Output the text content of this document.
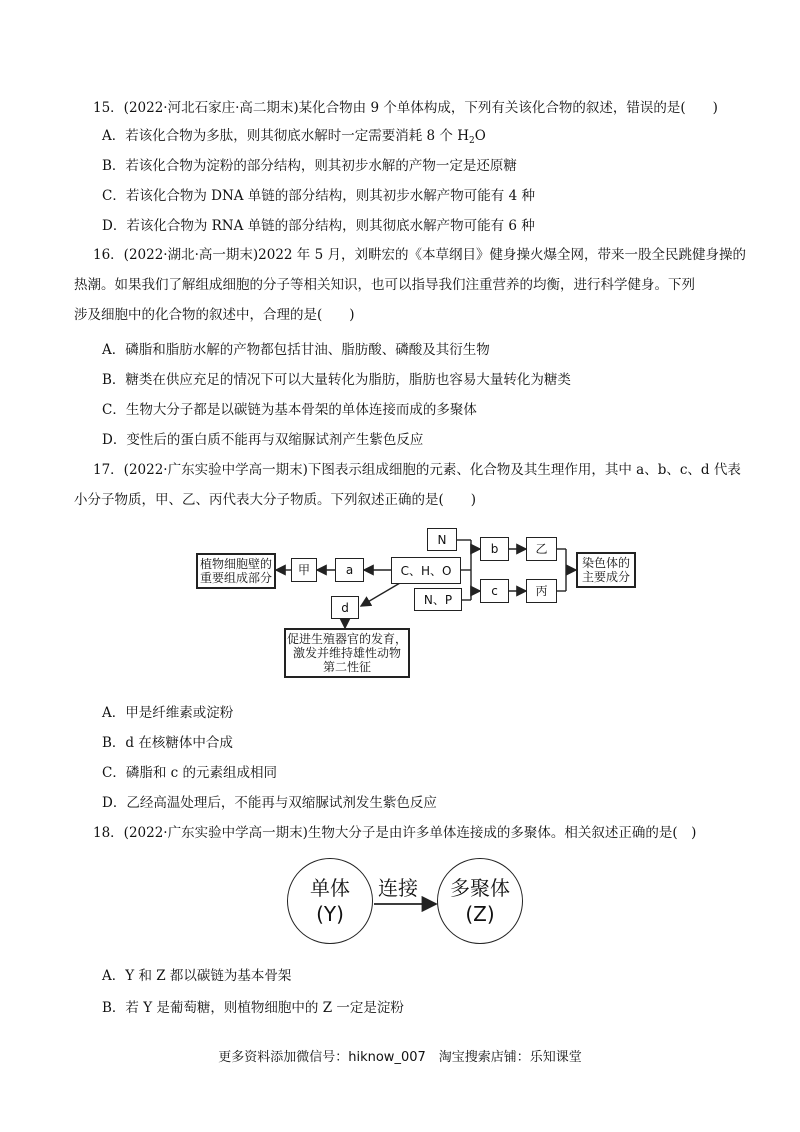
15．(2022·河北石家庄·高二期末)某化合物由 9 个单体构成，下列有关该化合物的叙述，错误的是(　　)
A．若该化合物为多肽，则其彻底水解时一定需要消耗 8 个 $H_2O$
B．若该化合物为淀粉的部分结构，则其初步水解的产物一定是还原糖
C．若该化合物为 DNA 单链的部分结构，则其初步水解产物可能有 4 种
D．若该化合物为 RNA 单链的部分结构，则其彻底水解产物可能有 6 种
16．(2022·湖北·高一期末)2022 年 5 月，刘畊宏的《本草纲目》健身操火爆全网，带来一股全民跳健身操的
热潮。如果我们了解组成细胞的分子等相关知识，也可以指导我们注重营养的均衡，进行科学健身。下列
涉及细胞中的化合物的叙述中，合理的是(　　)
A．磷脂和脂肪水解的产物都包括甘油、脂肪酸、磷酸及其衍生物
B．糖类在供应充足的情况下可以大量转化为脂肪，脂肪也容易大量转化为糖类
C．生物大分子都是以碳链为基本骨架的单体连接而成的多聚体
D．变性后的蛋白质不能再与双缩脲试剂产生紫色反应
17．(2022·广东实验中学高一期末)下图表示组成细胞的元素、化合物及其生理作用，其中 a、b、c、d 代表
小分子物质，甲、乙、丙代表大分子物质。下列叙述正确的是(　　)
植物细胞壁的
重要组成部分
甲	a	C、H、O
N
N、P
b
c
乙
丙
染色体的
主要成分
d
促进生殖器官的发育，
激发并维持雄性动物
第二性征
A．甲是纤维素或淀粉
B．d 在核糖体中合成
C．磷脂和 c 的元素组成相同
D．乙经高温处理后，不能再与双缩脲试剂发生紫色反应
18．(2022·广东实验中学高一期末)生物大分子是由许多单体连接成的多聚体。相关叙述正确的是(　)
单体
(Y)
连接 多聚体
(Z)
A．Y 和 Z 都以碳链为基本骨架
B．若 Y 是葡萄糖，则植物细胞中的 Z 一定是淀粉
更多资料添加微信号：hiknow_007　淘宝搜索店铺：乐知课堂
